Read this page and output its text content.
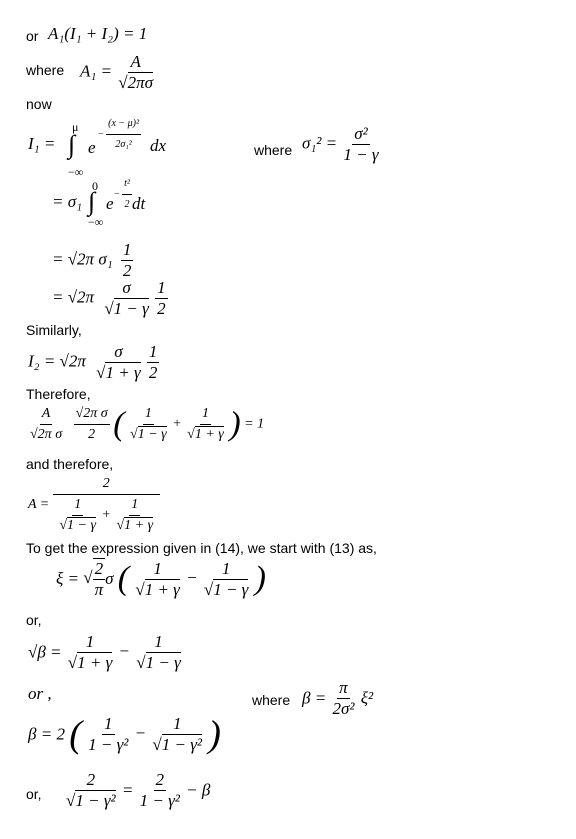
or A₁(I₁ + I₂) = 1
where $A_1 = \frac{A}{√2\pi\sigma}$
now
I₁ =
μ
∫
−∞
e
− $\frac{\text{(x − μ)²}}{\text{2σ₁²}}$ dx	where $\sigma_1^2 = \frac{\text{σ²}}{1 - \gamma}$
= σ₁
0
∫
−∞
$e - \frac{\text{t²}}{2}$ dt
= √2π $\sigma_1 \frac{1}{2}$
= $√2\pi \frac{\sigma}{√1 - \gamma}$
$\frac{1}{2}$
Similarly,
$I_2 = √2\pi \frac{\sigma}{√1 + \gamma}$
$\frac{1}{2}$
Therefore,
$\frac{A}{\text{√2π σ}}$
$\frac{\text{√2π σ}}{2}$ ( $\frac{1}{√1 - \gamma} + \frac{1}{√1 + \gamma}$ ) = 1
and therefore,
A =
2
$\frac{1}{√1 - \gamma} + \frac{1}{√1 + \gamma}$
To get the expression given in (14), we start with (13) as,
ξ = √ $\frac{2}{\pi}$ σ ( $\frac{1}{√1 + \gamma} - \frac{1}{√1 - \gamma}$ )
or,
$√\beta = \frac{1}{√1 + \gamma} - \frac{1}{√1 - \gamma}$
or ,	where $\beta = \frac{\pi}{\text{2σ²}} \xi^2$
β = 2 ( $\frac{1}{\text{1 − γ²}} - \frac{1}{\text{√1 − γ²}}$ )
or, $\frac{2}{\text{√1 − γ²}} = \frac{2}{\text{1 − γ²}} - \beta$
